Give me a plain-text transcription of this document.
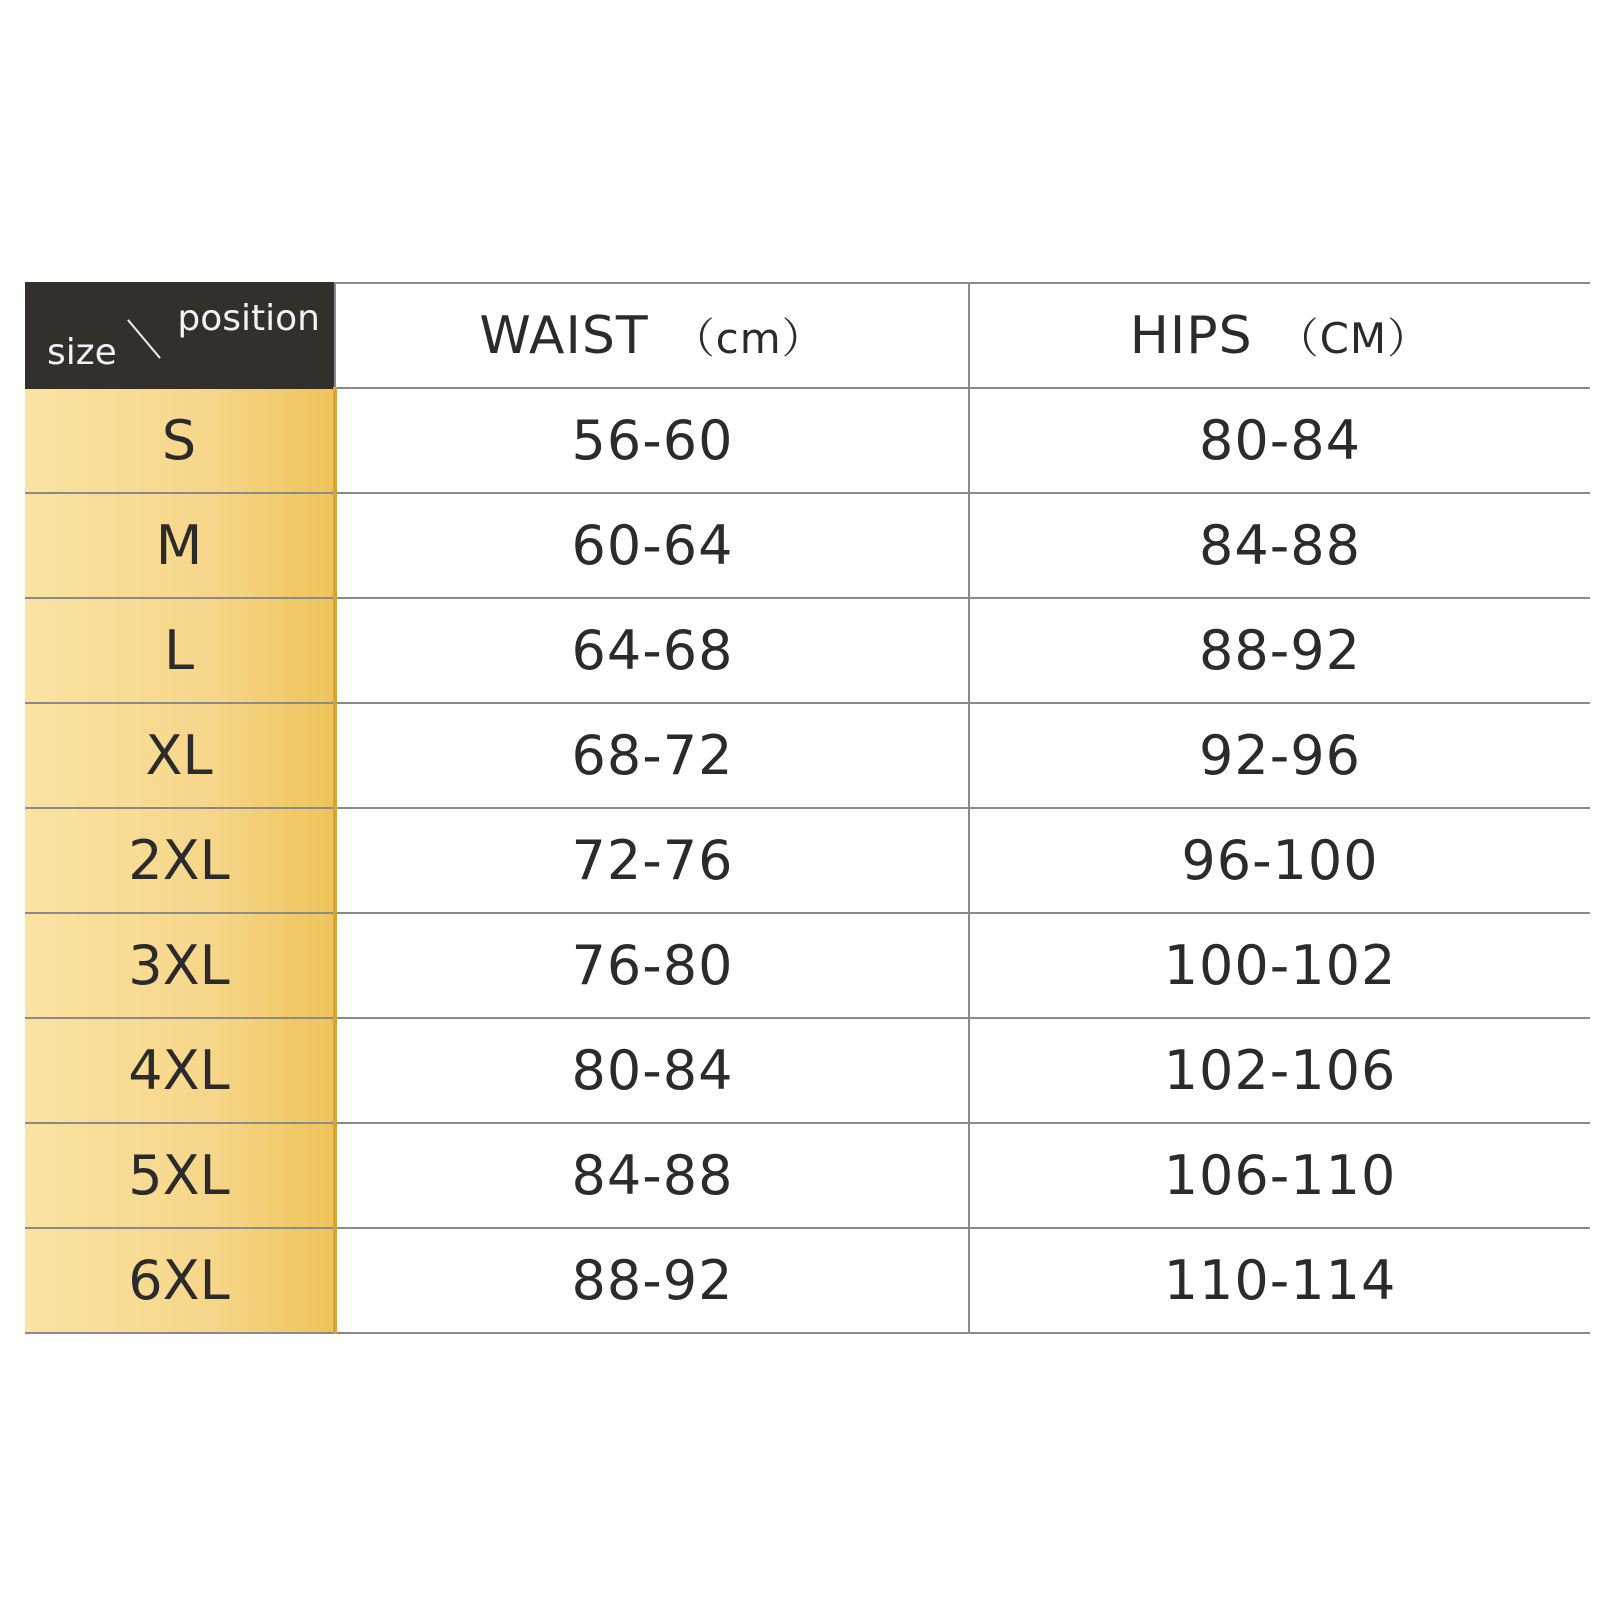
size
position	WAIST （cm）	HIPS （CM）
S	56-60	80-84
M	60-64	84-88
L	64-68	88-92
XL	68-72	92-96
2XL	72-76	96-100
3XL	76-80	100-102
4XL	80-84	102-106
5XL	84-88	106-110
6XL	88-92	110-114
